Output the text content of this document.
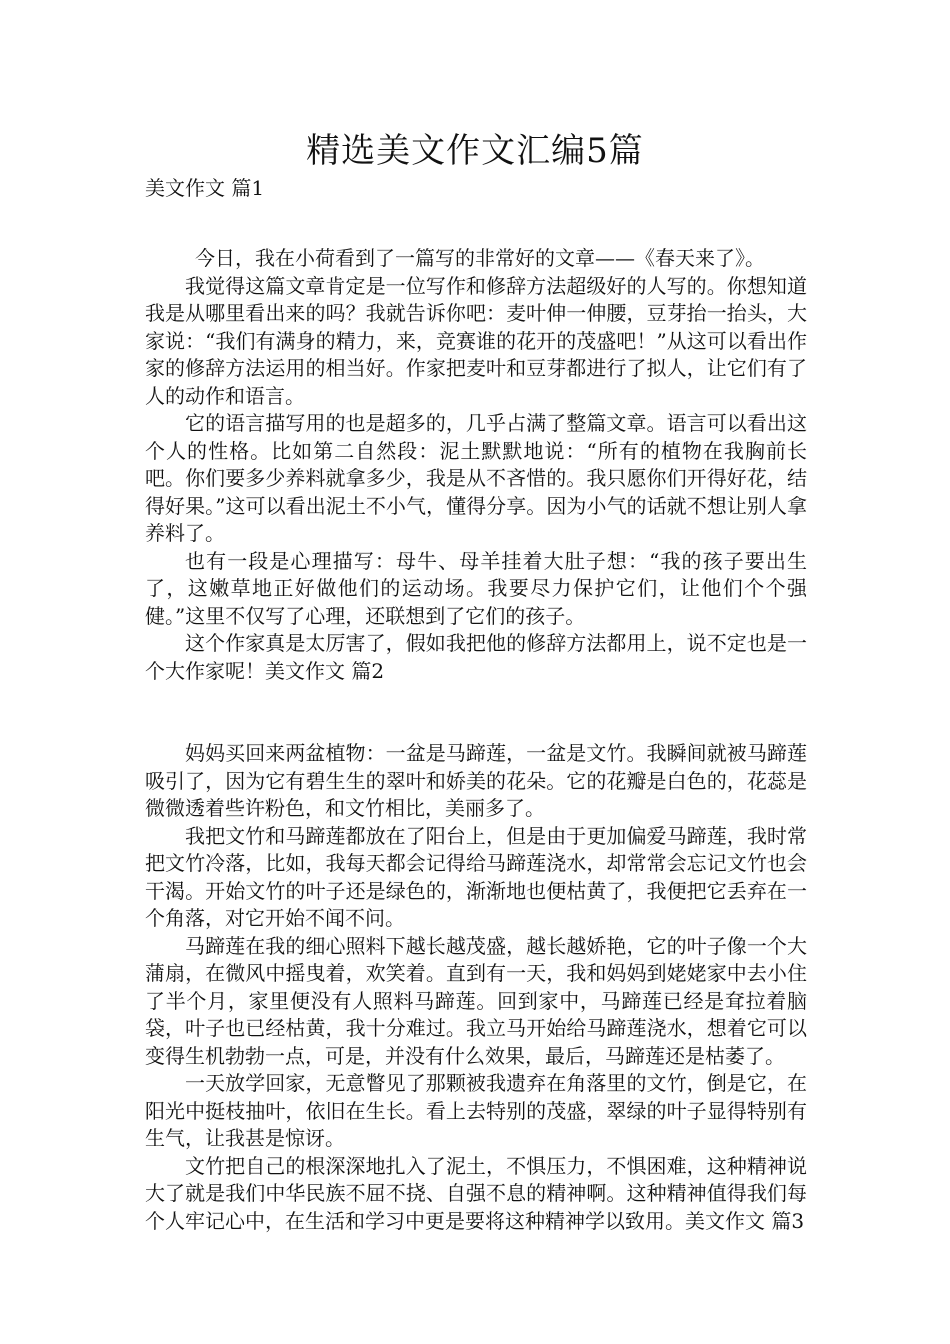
精选美文作文汇编5篇
美文作文 篇1

今日，我在小荷看到了一篇写的非常好的文章——《春天来了》。

我觉得这篇文章肯定是一位写作和修辞方法超级好的人写的。你想知道我是从哪里看出来的吗？我就告诉你吧：麦叶伸一伸腰，豆芽抬一抬头，大家说：“我们有满身的精力，来，竞赛谁的花开的茂盛吧！”从这可以看出作家的修辞方法运用的相当好。作家把麦叶和豆芽都进行了拟人，让它们有了人的动作和语言。

它的语言描写用的也是超多的，几乎占满了整篇文章。语言可以看出这个人的性格。比如第二自然段：泥土默默地说：“所有的植物在我胸前长吧。你们要多少养料就拿多少，我是从不吝惜的。我只愿你们开得好花，结得好果。”这可以看出泥土不小气，懂得分享。因为小气的话就不想让别人拿养料了。

也有一段是心理描写：母牛、母羊挂着大肚子想：“我的孩子要出生了，这嫩草地正好做他们的运动场。我要尽力保护它们，让他们个个强健。”这里不仅写了心理，还联想到了它们的孩子。

这个作家真是太厉害了，假如我把他的修辞方法都用上，说不定也是一个大作家呢！美文作文 篇2

妈妈买回来两盆植物：一盆是马蹄莲，一盆是文竹。我瞬间就被马蹄莲吸引了，因为它有碧生生的翠叶和娇美的花朵。它的花瓣是白色的，花蕊是微微透着些许粉色，和文竹相比，美丽多了。

我把文竹和马蹄莲都放在了阳台上，但是由于更加偏爱马蹄莲，我时常把文竹冷落，比如，我每天都会记得给马蹄莲浇水，却常常会忘记文竹也会干渴。开始文竹的叶子还是绿色的，渐渐地也便枯黄了，我便把它丢弃在一个角落，对它开始不闻不问。

马蹄莲在我的细心照料下越长越茂盛，越长越娇艳，它的叶子像一个大蒲扇，在微风中摇曳着，欢笑着。直到有一天，我和妈妈到姥姥家中去小住了半个月，家里便没有人照料马蹄莲。回到家中，马蹄莲已经是耷拉着脑袋，叶子也已经枯黄，我十分难过。我立马开始给马蹄莲浇水，想着它可以变得生机勃勃一点，可是，并没有什么效果，最后，马蹄莲还是枯萎了。

一天放学回家，无意瞥见了那颗被我遗弃在角落里的文竹，倒是它，在阳光中挺枝抽叶，依旧在生长。看上去特别的茂盛，翠绿的叶子显得特别有生气，让我甚是惊讶。

文竹把自己的根深深地扎入了泥土，不惧压力，不惧困难，这种精神说大了就是我们中华民族不屈不挠、自强不息的精神啊。这种精神值得我们每个人牢记心中，在生活和学习中更是要将这种精神学以致用。美文作文 篇3
